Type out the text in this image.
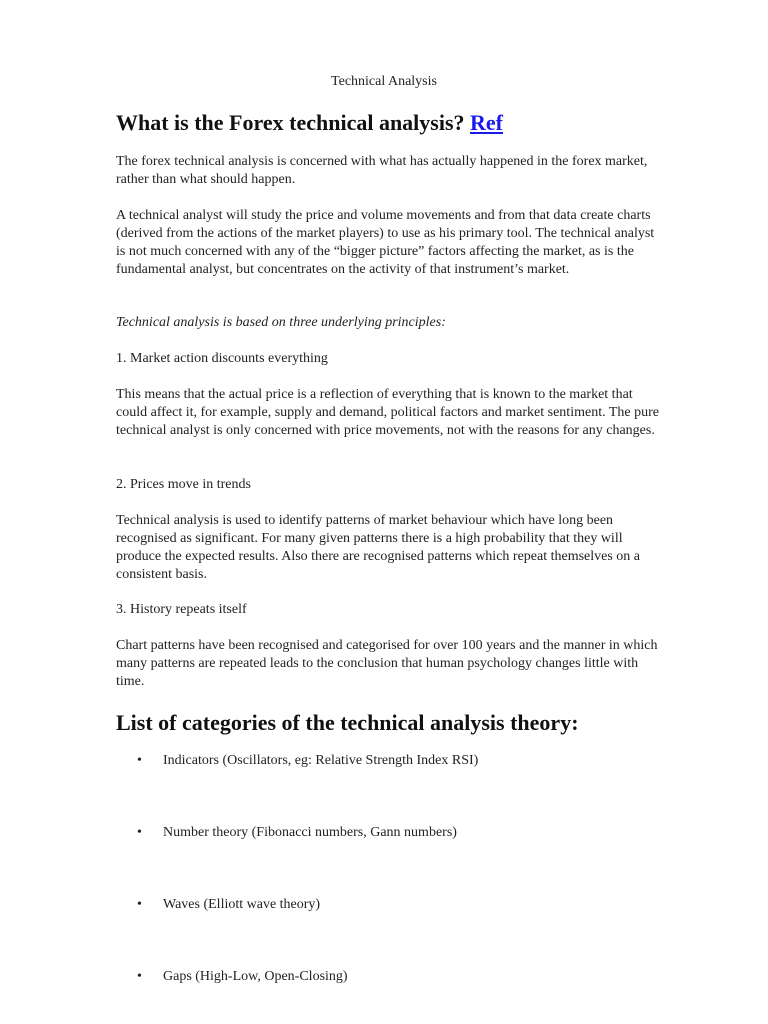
Technical Analysis
What is the Forex technical analysis? Ref

The forex technical analysis is concerned with what has actually happened in the forex market, rather than what should happen.

A technical analyst will study the price and volume movements and from that data create charts (derived from the actions of the market players) to use as his primary tool. The technical analyst is not much concerned with any of the “bigger picture” factors affecting the market, as is the fundamental analyst, but concentrates on the activity of that instrument’s market.

Technical analysis is based on three underlying principles:

1. Market action discounts everything

This means that the actual price is a reflection of everything that is known to the market that could affect it, for example, supply and demand, political factors and market sentiment. The pure technical analyst is only concerned with price movements, not with the reasons for any changes.

2. Prices move in trends

Technical analysis is used to identify patterns of market behaviour which have long been recognised as significant. For many given patterns there is a high probability that they will produce the expected results. Also there are recognised patterns which repeat themselves on a consistent basis.

3. History repeats itself

Chart patterns have been recognised and categorised for over 100 years and the manner in which many patterns are repeated leads to the conclusion that human psychology changes little with time.

List of categories of the technical analysis theory:
• Indicators (Oscillators, eg: Relative Strength Index RSI)
• Number theory (Fibonacci numbers, Gann numbers)
• Waves (Elliott wave theory)
• Gaps (High-Low, Open-Closing)
